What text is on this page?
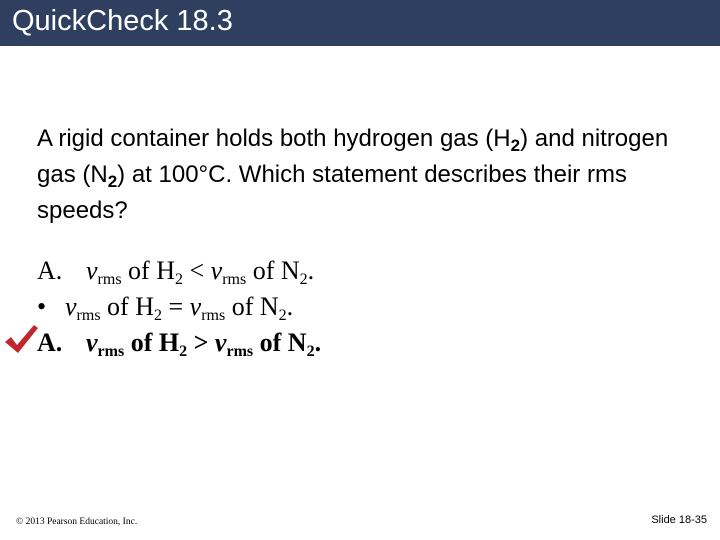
QuickCheck 18.3

A rigid container holds both hydrogen gas $(H_2)$ and nitrogen gas $(N_2)$ at 100°C. Which statement describes their rms speeds?

A. $v_{rms}$ of $H_2 < v_{rms}$ of $N_2$.
• $v_{rms}$ of $H_2 = v_{rms}$ of $N_2$.
A. $v_{rms}$ of $H_2 > v_{rms}$ of $N_2$.
© 2013 Pearson Education, Inc.	Slide 18-35
